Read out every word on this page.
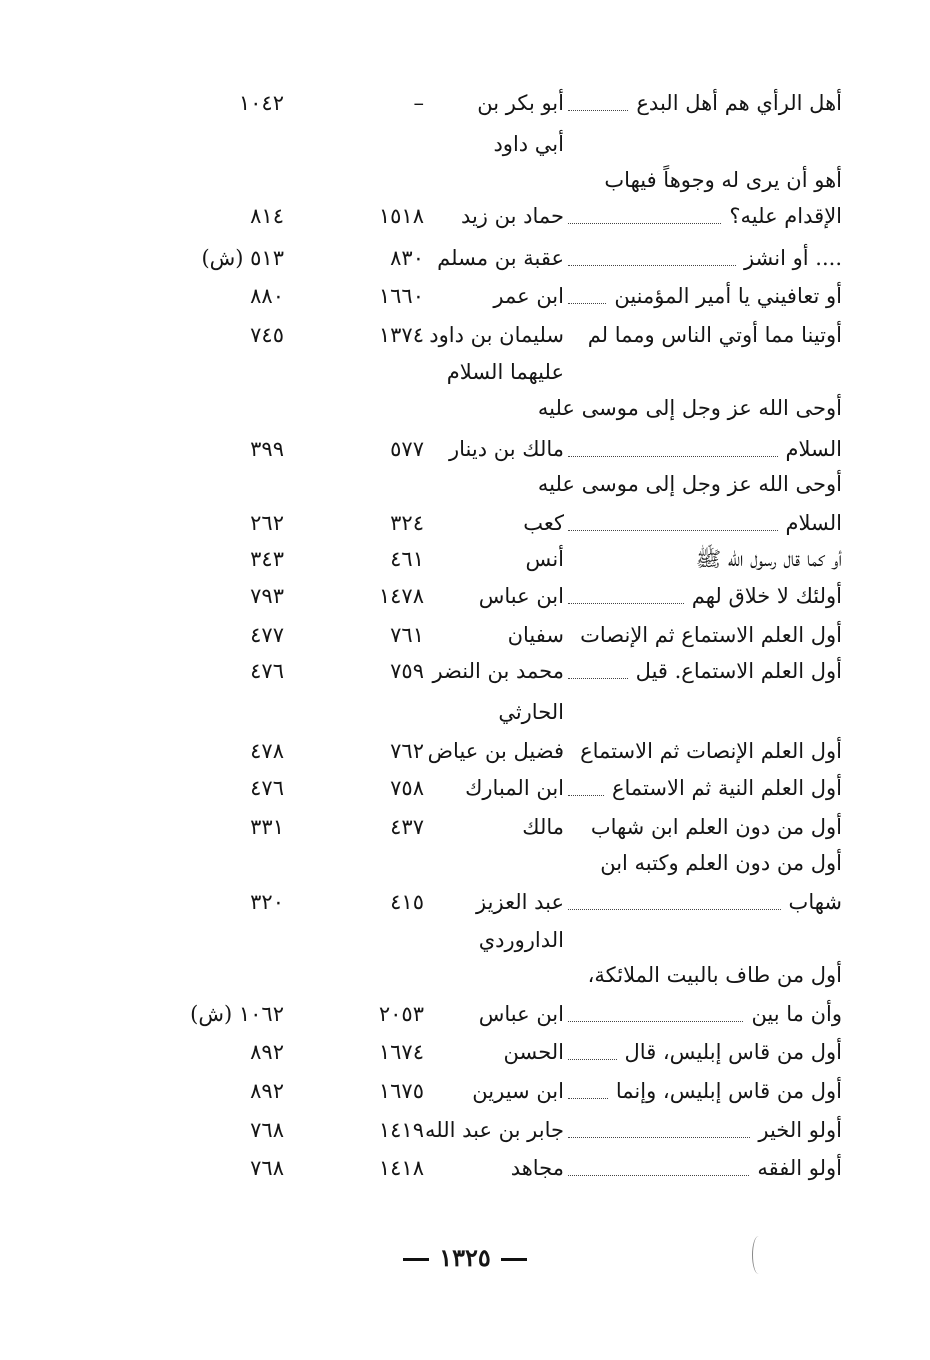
أهل الرأي هم أهل البدع
أبو بكر بن
–
١٠٤٢
أبي داود
أهو أن يرى له وجوهاً فيهاب
الإقدام عليه؟
حماد بن زيد
١٥١٨
٨١٤
.... أو انشز
عقبة بن مسلم
٨٣٠
٥١٣ (ش)
أو تعافيني يا أمير المؤمنين
ابن عمر
١٦٦٠
٨٨٠
أوتينا مما أوتي الناس ومما لم
سليمان بن داود
١٣٧٤
٧٤٥
عليهما السلام
أوحى الله عز وجل إلى موسى عليه
السلام
مالك بن دينار
٥٧٧
٣٩٩
أوحى الله عز وجل إلى موسى عليه
السلام
كعب
٣٢٤
٢٦٢
أو كما قال رسول الله ﷺ
أنس
٤٦١
٣٤٣
أولئك لا خلاق لهم
ابن عباس
١٤٧٨
٧٩٣
أول العلم الاستماع ثم الإنصات
سفيان
٧٦١
٤٧٧
أول العلم الاستماع. قيل
محمد بن النضر
٧٥٩
٤٧٦
الحارثي
أول العلم الإنصات ثم الاستماع
فضيل بن عياض
٧٦٢
٤٧٨
أول العلم النية ثم الاستماع
ابن المبارك
٧٥٨
٤٧٦
أول من دون العلم ابن شهاب
مالك
٤٣٧
٣٣١
أول من دون العلم وكتبه ابن
شهاب
عبد العزيز
٤١٥
٣٢٠
الداروردي
أول من طاف بالبيت الملائكة،
وأن ما بين
ابن عباس
٢٠٥٣
١٠٦٢ (ش)
أول من قاس إبليس، قال
الحسن
١٦٧٤
٨٩٢
أول من قاس إبليس، وإنما
ابن سيرين
١٦٧٥
٨٩٢
أولو الخير
جابر بن عبد الله
١٤١٩
٧٦٨
أولو الفقه
مجاهد
١٤١٨
٧٦٨
١٣٢٥
